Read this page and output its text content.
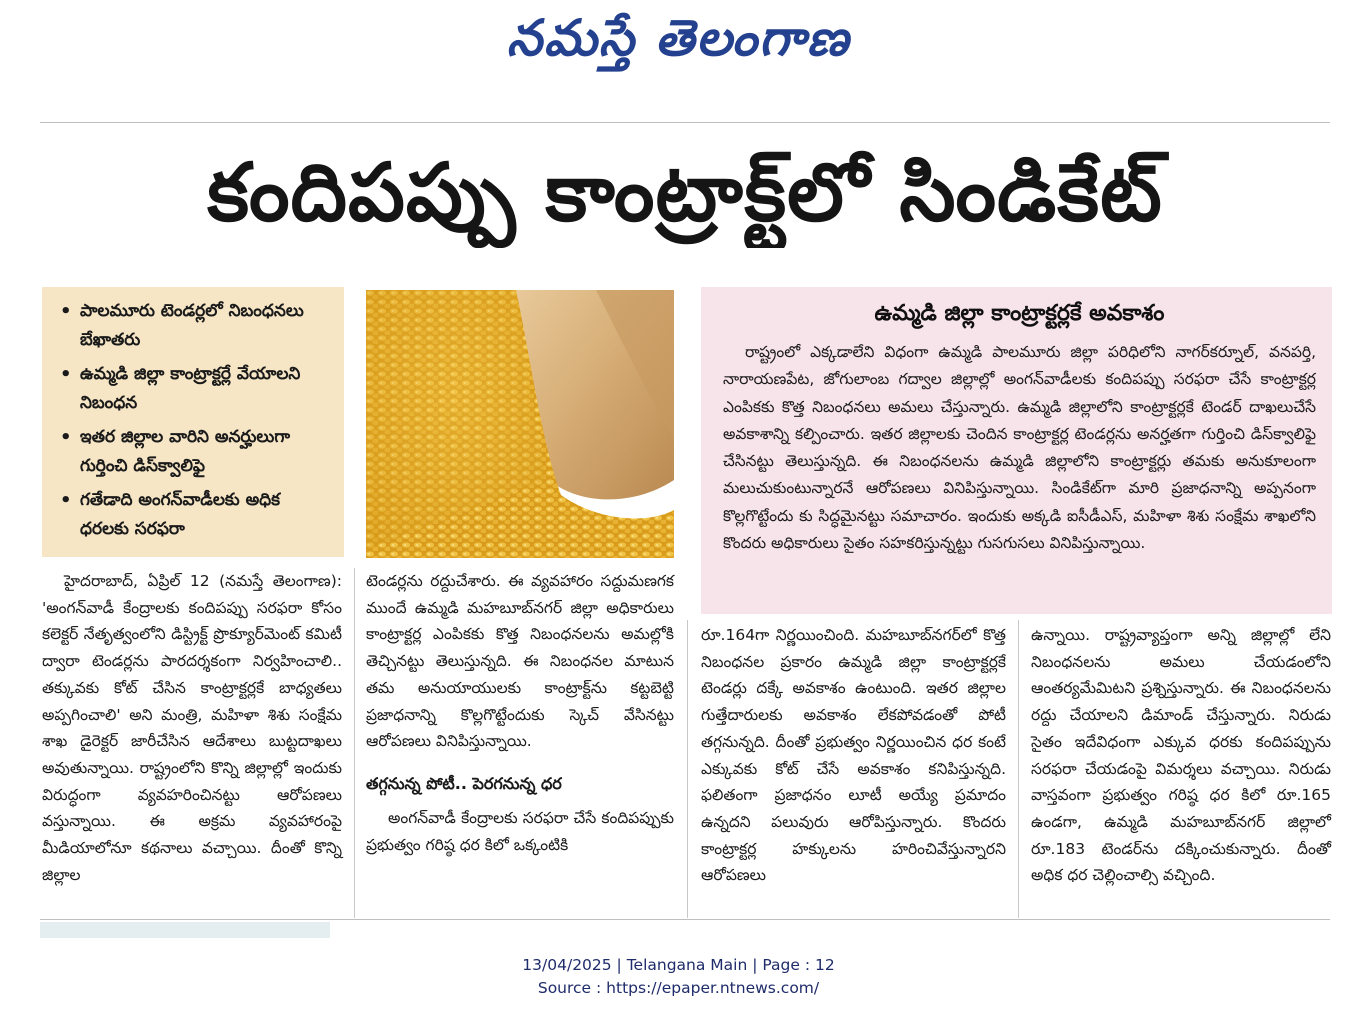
నమస్తే తెలంగాణ
కందిపప్పు కాంట్రాక్ట్‌లో సిండికేట్
• పాలమూరు టెండర్లలో నిబంధనలు బేఖాతరు
• ఉమ్మడి జిల్లా కాంట్రాక్టర్లే వేయాలని నిబంధన
• ఇతర జిల్లాల వారిని అనర్హులుగా గుర్తించి డిస్‌క్వాలిఫై
• గతేడాది అంగన్‌వాడీలకు అధిక ధరలకు సరఫరా
ఉమ్మడి జిల్లా కాంట్రాక్టర్లకే అవకాశం

రాష్ట్రంలో ఎక్కడాలేని విధంగా ఉమ్మడి పాలమూరు జిల్లా పరిధిలోని నాగర్‌కర్నూల్, వనపర్తి, నారాయణపేట, జోగులాంబ గద్వాల జిల్లాల్లో అంగన్‌వాడీలకు కందిపప్పు సరఫరా చేసే కాంట్రాక్టర్ల ఎంపికకు కొత్త నిబంధనలు అమలు చేస్తున్నారు. ఉమ్మడి జిల్లాలోని కాంట్రాక్టర్లకే టెండర్ దాఖలుచేసే అవకాశాన్ని కల్పించారు. ఇతర జిల్లాలకు చెందిన కాంట్రాక్టర్ల టెండర్లను అనర్హతగా గుర్తించి డిస్‌క్వాలిఫై చేసినట్టు తెలుస్తున్నది. ఈ నిబంధనలను ఉమ్మడి జిల్లాలోని కాంట్రాక్టర్లు తమకు అనుకూలంగా మలుచుకుంటున్నారనే ఆరోపణలు వినిపిస్తున్నాయి. సిండికేట్‌గా మారి ప్రజాధనాన్ని అప్పనంగా కొల్లగొట్టేందు కు సిద్ధమైనట్టు సమాచారం. ఇందుకు అక్కడి ఐసీడీఎస్, మహిళా శిశు సంక్షేమ శాఖలోని కొందరు అధికారులు సైతం సహకరిస్తున్నట్టు గుసగుసలు వినిపిస్తున్నాయి.

హైదరాబాద్, ఏప్రిల్ 12 (నమస్తే తెలంగాణ): 'అంగన్‌వాడీ కేంద్రాలకు కందిపప్పు సరఫరా కోసం కలెక్టర్ నేతృత్వంలోని డిస్ట్రిక్ట్ ప్రొక్యూర్‌మెంట్ కమిటీ ద్వారా టెండర్లను పారదర్శకంగా నిర్వహించాలి.. తక్కువకు కోట్ చేసిన కాంట్రాక్టర్లకే బాధ్యతలు అప్పగించాలి' అని మంత్రి, మహిళా శిశు సంక్షేమ శాఖ డైరెక్టర్ జారీచేసిన ఆదేశాలు బుట్టదాఖలు అవుతున్నాయి. రాష్ట్రంలోని కొన్ని జిల్లాల్లో ఇందుకు విరుద్ధంగా వ్యవహరించినట్టు ఆరోపణలు వస్తున్నాయి. ఈ అక్రమ వ్యవహారంపై మీడియాలోనూ కథనాలు వచ్చాయి. దీంతో కొన్ని జిల్లాల

టెండర్లను రద్దుచేశారు. ఈ వ్యవహారం సద్దుమణగక ముందే ఉమ్మడి మహబూబ్‌నగర్ జిల్లా అధికారులు కాంట్రాక్టర్ల ఎంపికకు కొత్త నిబంధనలను అమల్లోకి తెచ్చినట్టు తెలుస్తున్నది. ఈ నిబంధనల మాటున తమ అనుయాయులకు కాంట్రాక్ట్‌ను కట్టబెట్టి ప్రజాధనాన్ని కొల్లగొట్టేందుకు స్కెచ్ వేసినట్టు ఆరోపణలు వినిపిస్తున్నాయి.

తగ్గనున్న పోటీ.. పెరగనున్న ధర

అంగన్‌వాడీ కేంద్రాలకు సరఫరా చేసే కందిపప్పుకు ప్రభుత్వం గరిష్ఠ ధర కిలో ఒక్కంటికి

రూ.164గా నిర్ణయించింది. మహబూబ్‌నగర్‌లో కొత్త నిబంధనల ప్రకారం ఉమ్మడి జిల్లా కాంట్రాక్టర్లకే టెండర్లు దక్కే అవకాశం ఉంటుంది. ఇతర జిల్లాల గుత్తేదారులకు అవకాశం లేకపోవడంతో పోటీ తగ్గనున్నది. దీంతో ప్రభుత్వం నిర్ణయించిన ధర కంటే ఎక్కువకు కోట్ చేసే అవకాశం కనిపిస్తున్నది. ఫలితంగా ప్రజాధనం లూటీ అయ్యే ప్రమాదం ఉన్నదని పలువురు ఆరోపిస్తున్నారు. కొందరు కాంట్రాక్టర్ల హక్కులను హరించివేస్తున్నారని ఆరోపణలు

ఉన్నాయి. రాష్ట్రవ్యాప్తంగా అన్ని జిల్లాల్లో లేని నిబంధనలను అమలు చేయడంలోని ఆంతర్యమేమిటని ప్రశ్నిస్తున్నారు. ఈ నిబంధనలను రద్దు చేయాలని డిమాండ్ చేస్తున్నారు. నిరుడు సైతం ఇదేవిధంగా ఎక్కువ ధరకు కందిపప్పును సరఫరా చేయడంపై విమర్శలు వచ్చాయి. నిరుడు వాస్తవంగా ప్రభుత్వం గరిష్ఠ ధర కిలో రూ.165 ఉండగా, ఉమ్మడి మహబూబ్‌నగర్ జిల్లాలో రూ.183 టెండర్‌ను దక్కించుకున్నారు. దీంతో అధిక ధర చెల్లించాల్సి వచ్చింది.

13/04/2025 | Telangana Main | Page : 12
Source : https://epaper.ntnews.com/
